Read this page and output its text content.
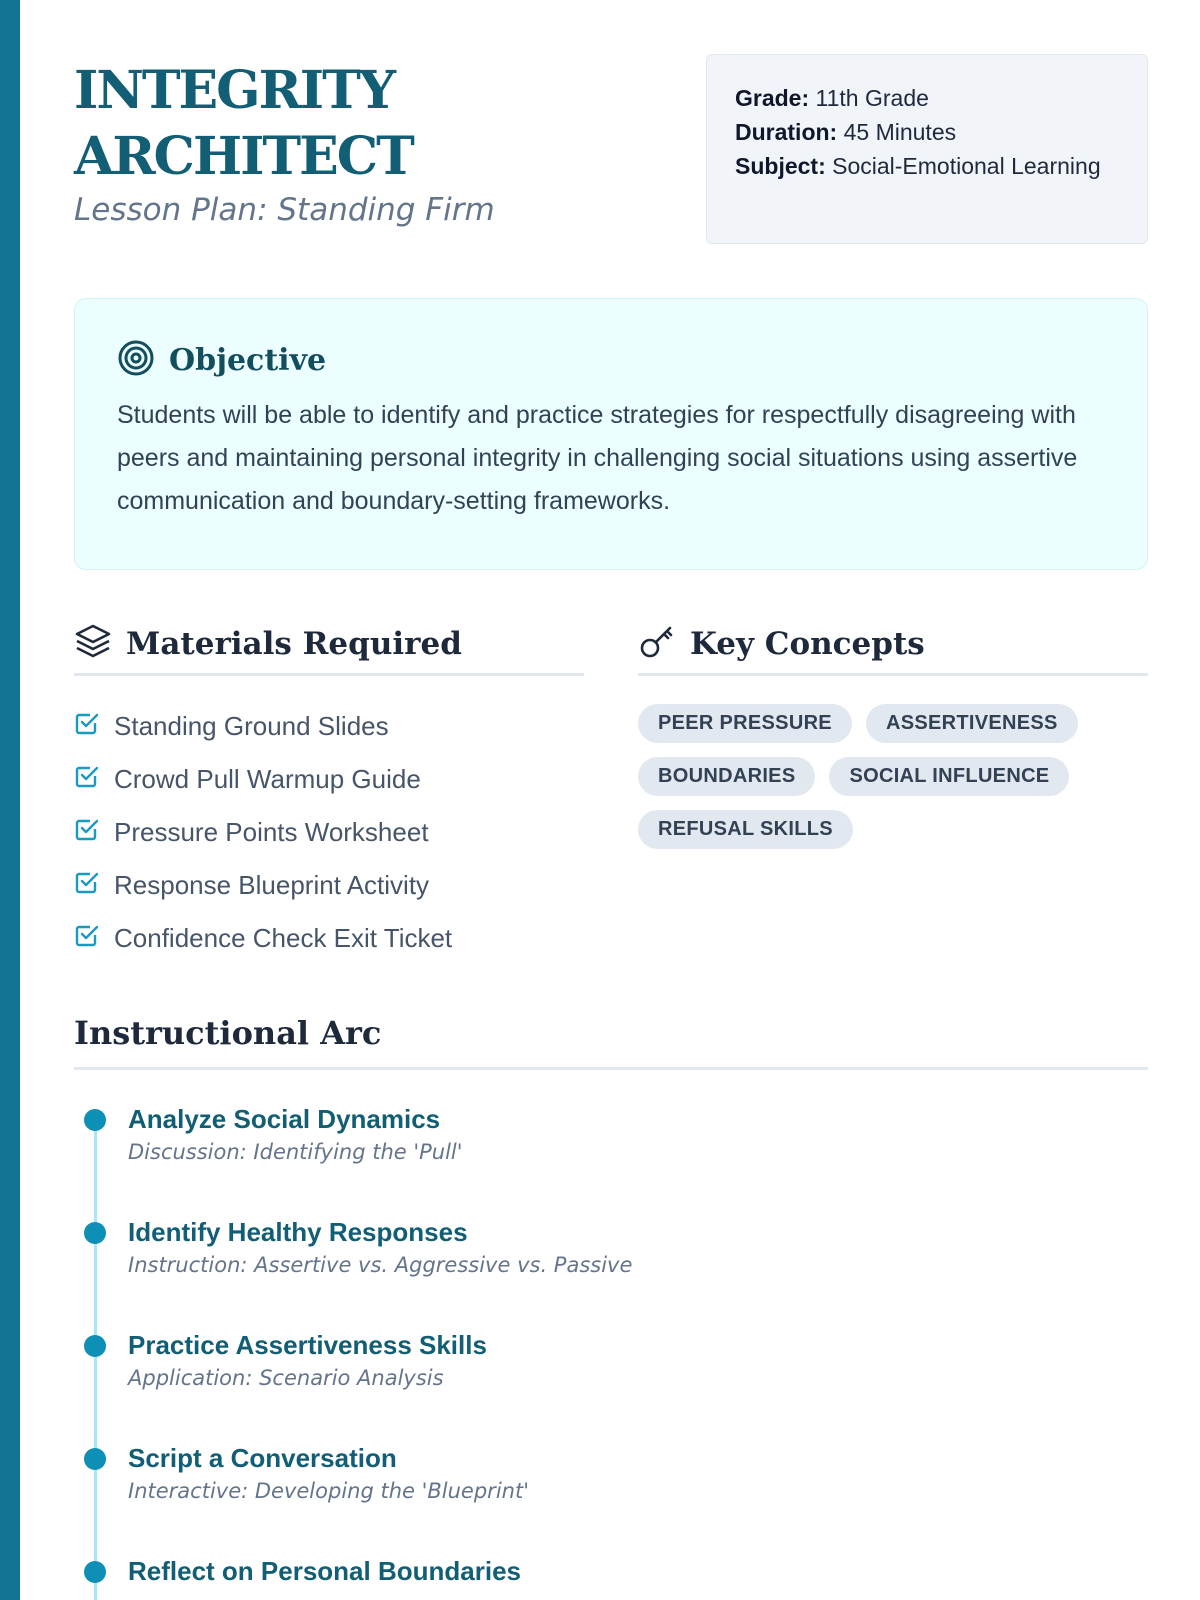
INTEGRITY
ARCHITECT
Lesson Plan: Standing Firm
Grade: 11th Grade
Duration: 45 Minutes
Subject: Social-Emotional Learning
Objective

Students will be able to identify and practice strategies for respectfully disagreeing with peers and maintaining personal integrity in challenging social situations using assertive communication and boundary-setting frameworks.

Materials Required
Standing Ground Slides
Crowd Pull Warmup Guide
Pressure Points Worksheet
Response Blueprint Activity
Confidence Check Exit Ticket
Key Concepts
PEER PRESSURE	ASSERTIVENESS
BOUNDARIES	SOCIAL INFLUENCE
REFUSAL SKILLS
Instructional Arc
Analyze Social Dynamics
Discussion: Identifying the 'Pull'
Identify Healthy Responses
Instruction: Assertive vs. Aggressive vs. Passive
Practice Assertiveness Skills
Application: Scenario Analysis
Script a Conversation
Interactive: Developing the 'Blueprint'
Reflect on Personal Boundaries
